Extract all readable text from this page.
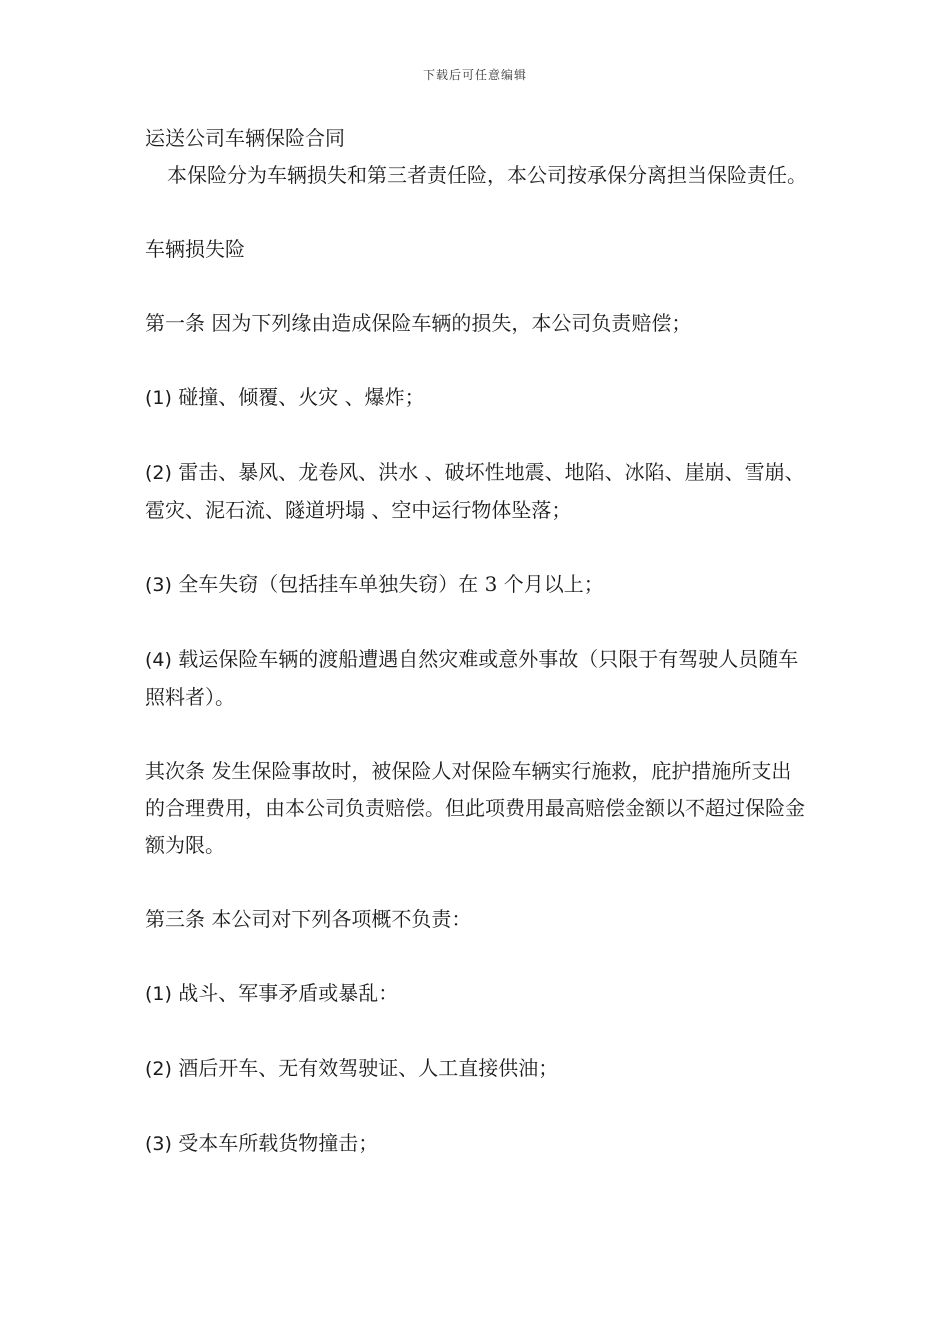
下载后可任意编辑

运送公司车辆保险合同

本保险分为车辆损失和第三者责任险，本公司按承保分离担当保险责任。

车辆损失险

第一条 因为下列缘由造成保险车辆的损失，本公司负责赔偿；

(1) 碰撞、倾覆、火灾 、爆炸；

(2) 雷击、暴风、龙卷风、洪水 、破坏性地震、地陷、冰陷、崖崩、雪崩、雹灾、泥石流、隧道坍塌 、空中运行物体坠落；

(3) 全车失窃（包括挂车单独失窃）在 3 个月以上；

(4) 载运保险车辆的渡船遭遇自然灾难或意外事故（只限于有驾驶人员随车照料者）。

其次条 发生保险事故时，被保险人对保险车辆实行施救，庇护措施所支出的合理费用，由本公司负责赔偿。但此项费用最高赔偿金额以不超过保险金额为限。

第三条 本公司对下列各项概不负责：

(1) 战斗、军事矛盾或暴乱：

(2) 酒后开车、无有效驾驶证、人工直接供油；

(3) 受本车所载货物撞击；
